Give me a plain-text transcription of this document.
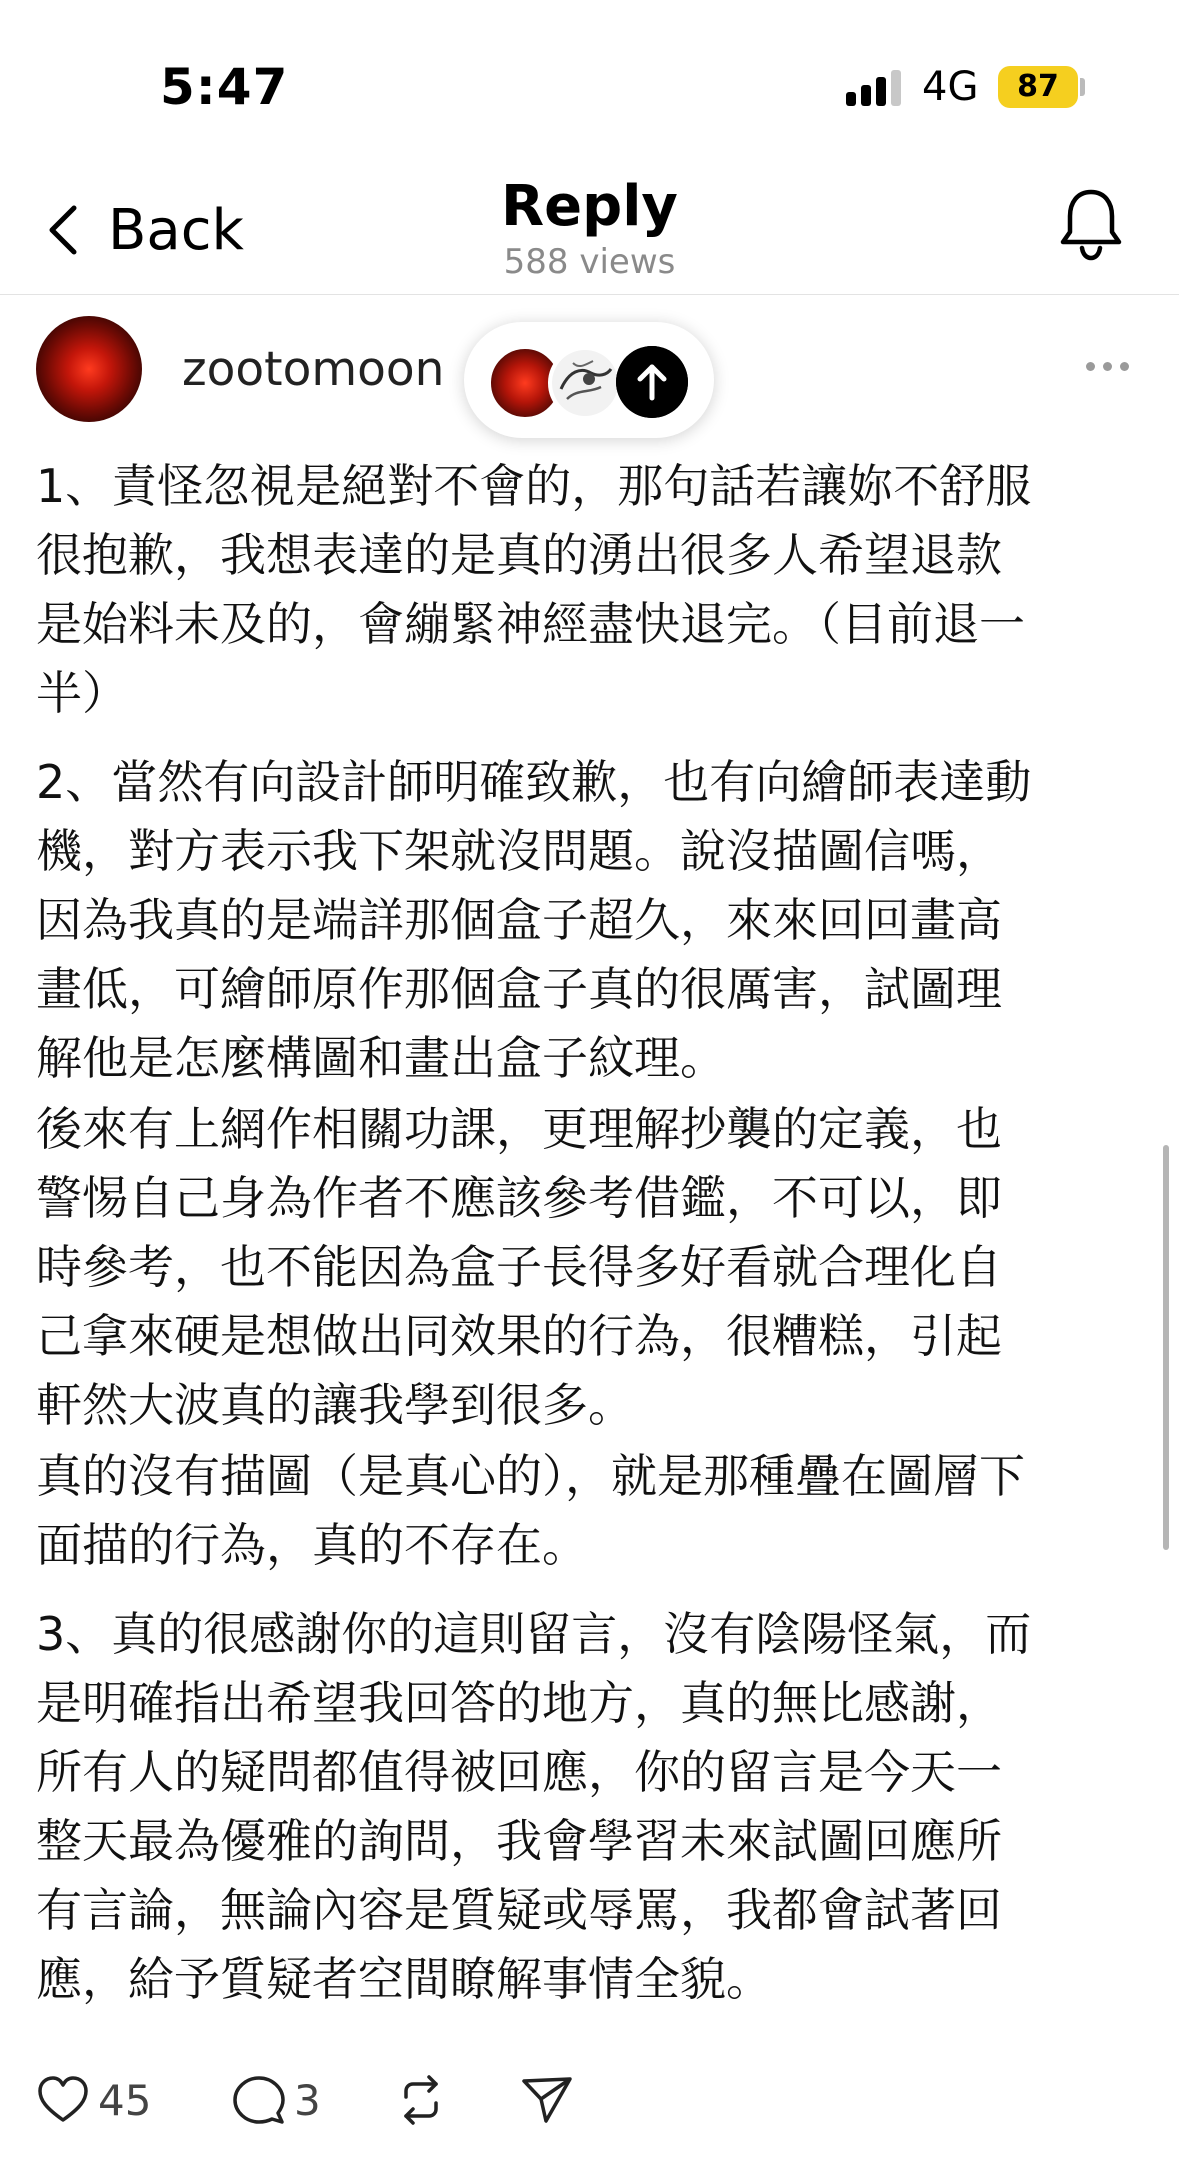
5:47	4G	87
Back	Reply
588 views
zootomoon

1、責怪忽視是絕對不會的，那句話若讓妳不舒服
很抱歉，我想表達的是真的湧出很多人希望退款
是始料未及的，會繃緊神經盡快退完。（目前退一
半）

2、當然有向設計師明確致歉，也有向繪師表達動
機，對方表示我下架就沒問題。說沒描圖信嗎，
因為我真的是端詳那個盒子超久，來來回回畫高
畫低，可繪師原作那個盒子真的很厲害，試圖理
解他是怎麼構圖和畫出盒子紋理。

後來有上網作相關功課，更理解抄襲的定義，也
警惕自己身為作者不應該參考借鑑，不可以，即
時參考，也不能因為盒子長得多好看就合理化自
己拿來硬是想做出同效果的行為，很糟糕，引起
軒然大波真的讓我學到很多。

真的沒有描圖（是真心的），就是那種疊在圖層下
面描的行為，真的不存在。

3、真的很感謝你的這則留言，沒有陰陽怪氣，而
是明確指出希望我回答的地方，真的無比感謝，
所有人的疑問都值得被回應，你的留言是今天一
整天最為優雅的詢問，我會學習未來試圖回應所
有言論，無論內容是質疑或辱罵，我都會試著回
應，給予質疑者空間瞭解事情全貌。

45	3
